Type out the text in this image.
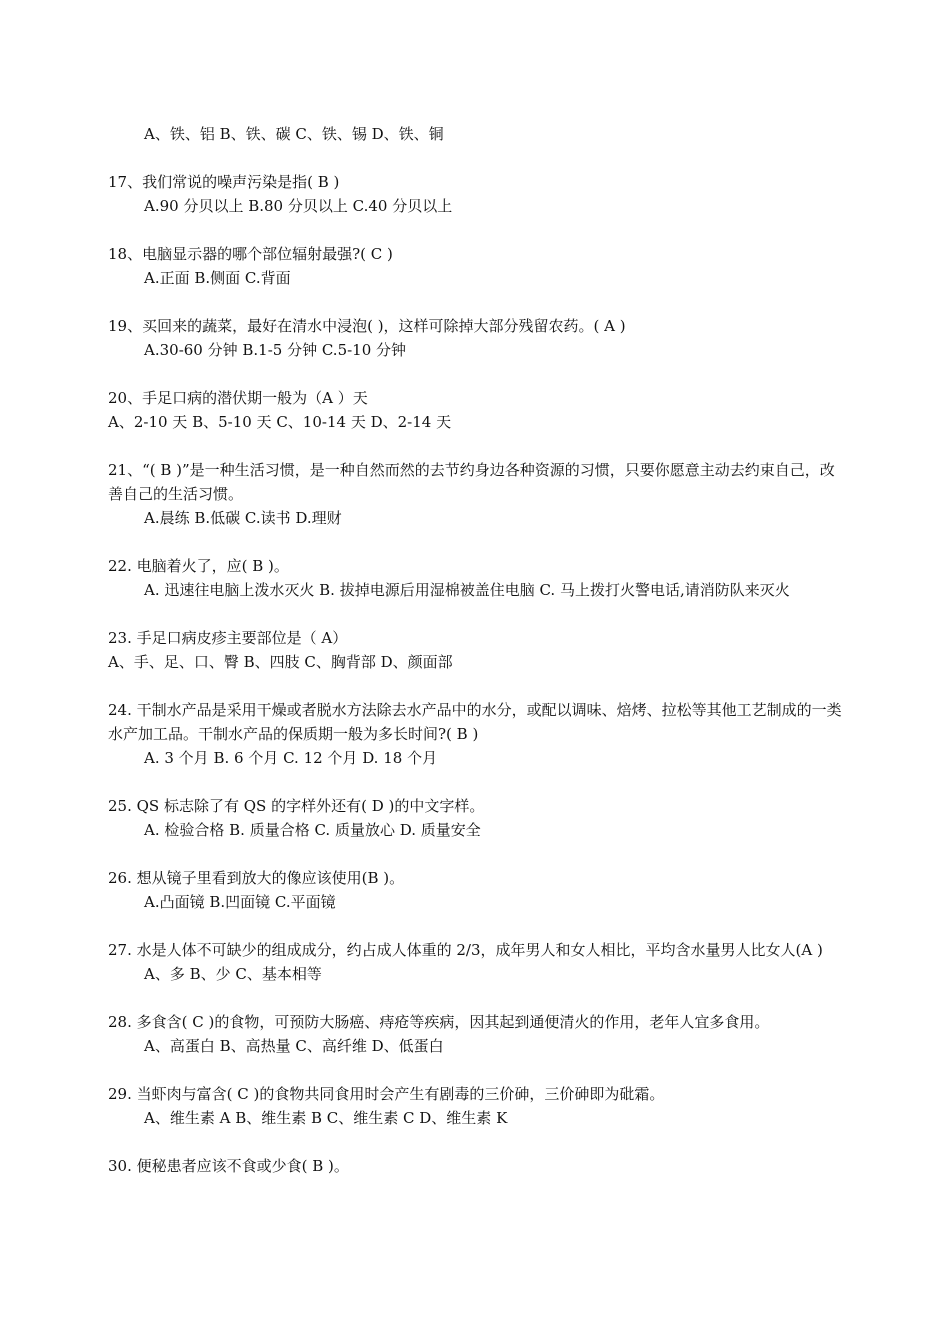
A、铁、铝 B、铁、碳 C、铁、锡 D、铁、铜
17、我们常说的噪声污染是指( B )
A.90 分贝以上 B.80 分贝以上 C.40 分贝以上
18、电脑显示器的哪个部位辐射最强?( C )
A.正面 B.侧面 C.背面
19、买回来的蔬菜，最好在清水中浸泡( )，这样可除掉大部分残留农药。( A )
A.30-60 分钟 B.1-5 分钟 C.5-10 分钟
20、手足口病的潜伏期一般为（A ）天
A、2-10 天 B、5-10 天 C、10-14 天 D、2-14 天
21、“( B )”是一种生活习惯，是一种自然而然的去节约身边各种资源的习惯，只要你愿意主动去约束自己，改善自己的生活习惯。
A.晨练 B.低碳 C.读书 D.理财
22. 电脑着火了，应( B )。
A. 迅速往电脑上泼水灭火 B. 拔掉电源后用湿棉被盖住电脑 C. 马上拨打火警电话,请消防队来灭火
23. 手足口病皮疹主要部位是（ A）
A、手、足、口、臀 B、四肢 C、胸背部 D、颜面部
24. 干制水产品是采用干燥或者脱水方法除去水产品中的水分，或配以调味、焙烤、拉松等其他工艺制成的一类水产加工品。干制水产品的保质期一般为多长时间?( B )
A. 3 个月 B. 6 个月 C. 12 个月 D. 18 个月
25. QS 标志除了有 QS 的字样外还有( D )的中文字样。
A. 检验合格 B. 质量合格 C. 质量放心 D. 质量安全
26. 想从镜子里看到放大的像应该使用(B )。
A.凸面镜 B.凹面镜 C.平面镜
27. 水是人体不可缺少的组成成分，约占成人体重的 2/3，成年男人和女人相比，平均含水量男人比女人(A )
A、多 B、少 C、基本相等
28. 多食含( C )的食物，可预防大肠癌、痔疮等疾病，因其起到通便清火的作用，老年人宜多食用。
A、高蛋白 B、高热量 C、高纤维 D、低蛋白
29. 当虾肉与富含( C )的食物共同食用时会产生有剧毒的三价砷，三价砷即为砒霜。
A、维生素 A B、维生素 B C、维生素 C D、维生素 K
30. 便秘患者应该不食或少食( B )。
